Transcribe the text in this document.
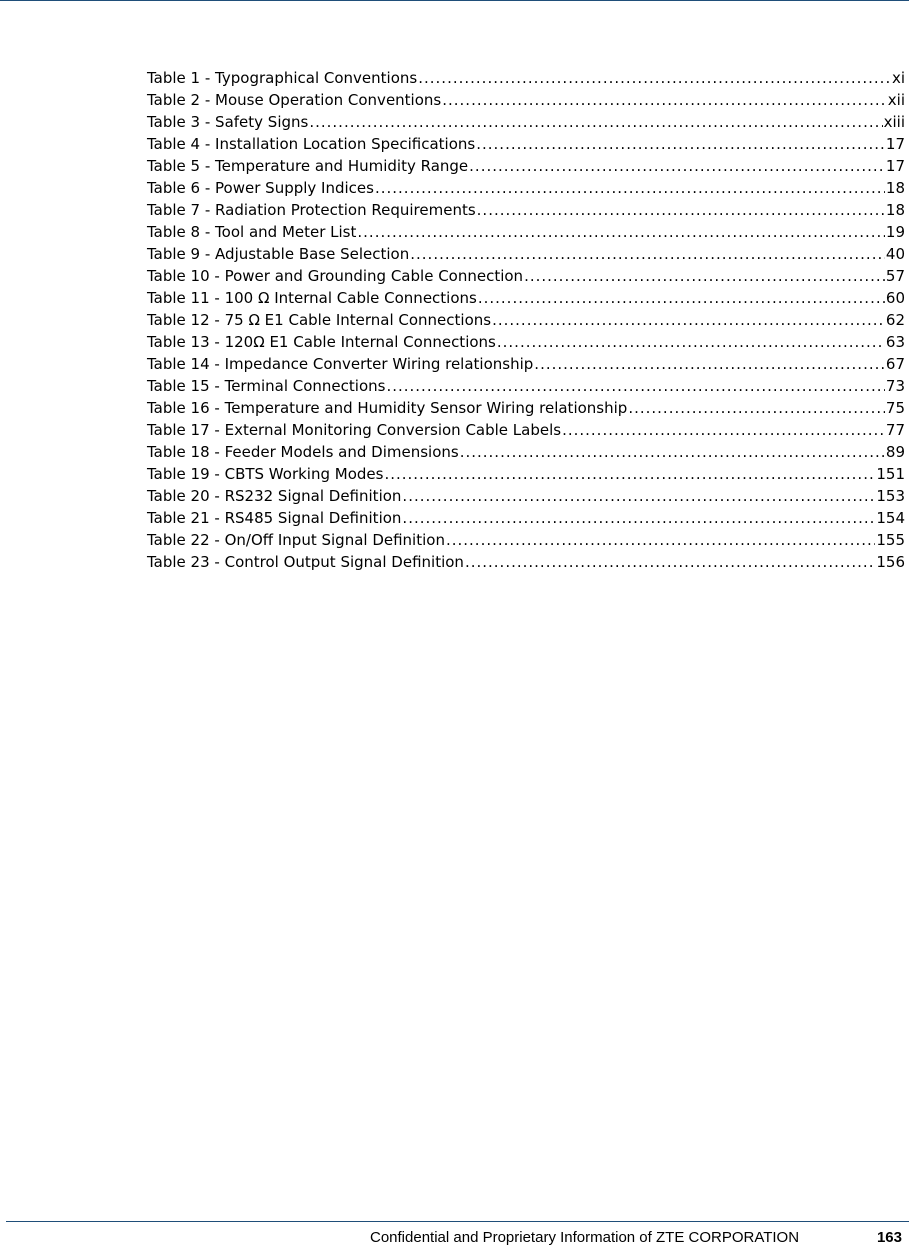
Table 1 - Typographical Conventions .....	xi
Table 2 - Mouse Operation Conventions .....	xii
Table 3 - Safety Signs .....	xiii
Table 4 - Installation Location Specifications .....	17
Table 5 - Temperature and Humidity Range .....	17
Table 6 - Power Supply Indices .....	18
Table 7 - Radiation Protection Requirements .....	18
Table 8 - Tool and Meter List .....	19
Table 9 - Adjustable Base Selection .....	40
Table 10 - Power and Grounding Cable Connection .....	57
Table 11 - 100 Ω Internal Cable Connections .....	60
Table 12 - 75 Ω E1 Cable Internal Connections .....	62
Table 13 - 120Ω E1 Cable Internal Connections .....	63
Table 14 - Impedance Converter Wiring relationship .....	67
Table 15 - Terminal Connections .....	73
Table 16 - Temperature and Humidity Sensor Wiring relationship .....	75
Table 17 - External Monitoring Conversion Cable Labels .....	77
Table 18 - Feeder Models and Dimensions .....	89
Table 19 - CBTS Working Modes .....	151
Table 20 - RS232 Signal Definition .....	153
Table 21 - RS485 Signal Definition .....	154
Table 22 - On/Off Input Signal Definition .....	155
Table 23 - Control Output Signal Definition .....	156
Confidential and Proprietary Information of ZTE CORPORATION	163
